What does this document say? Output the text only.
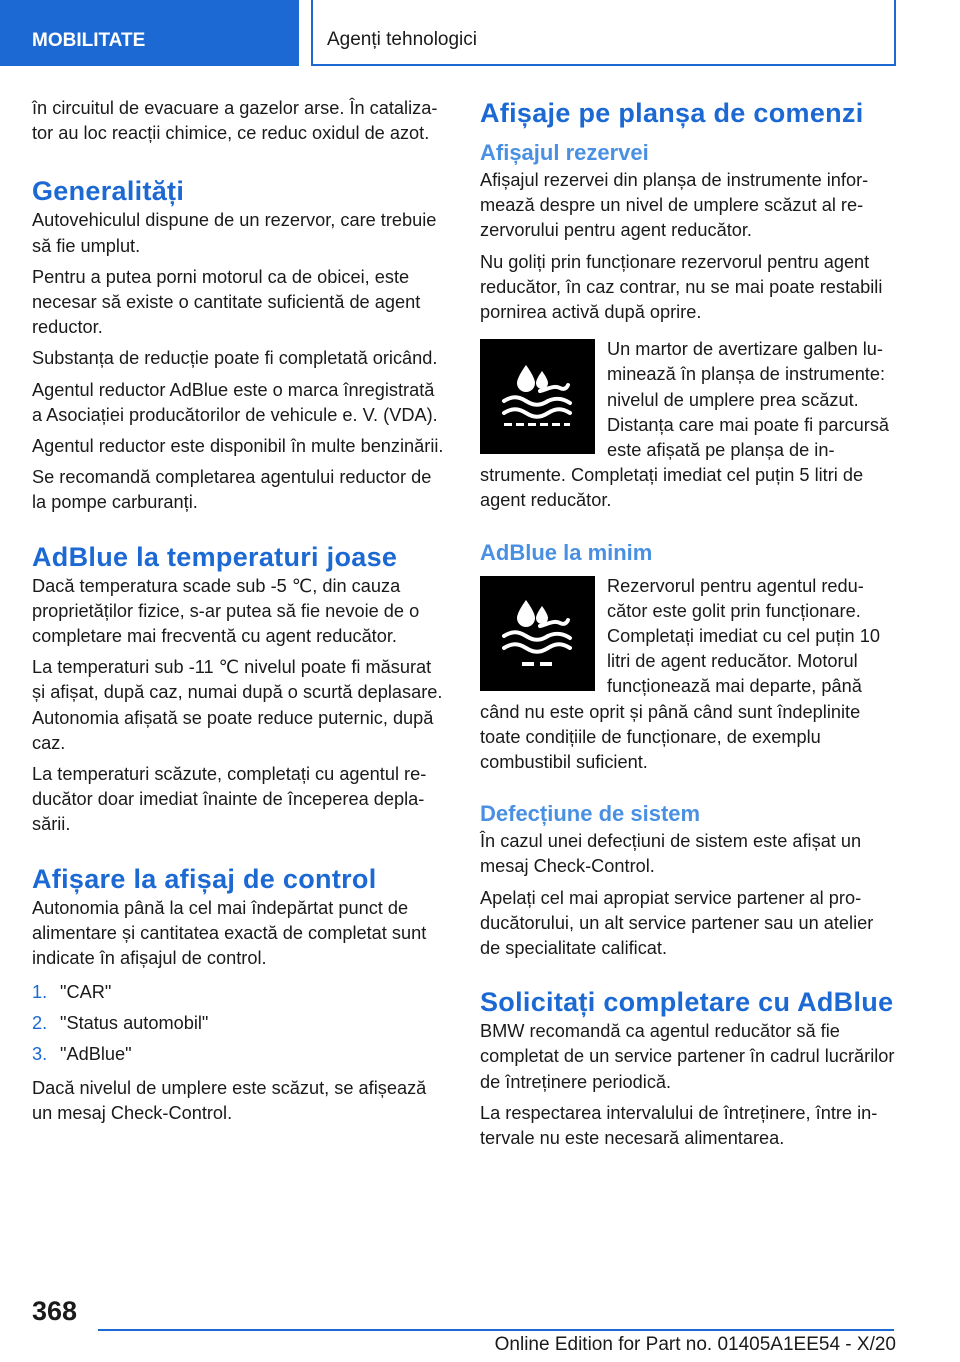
MOBILITATE	Agenți tehnologici

în circuitul de evacuare a gazelor arse. În catalizator au loc reacții chimice, ce reduc oxidul de azot.

Generalități

Autovehiculul dispune de un rezervor, care trebuie să fie umplut.

Pentru a putea porni motorul ca de obicei, este necesar să existe o cantitate suficientă de agent reductor.

Substanța de reducție poate fi completată oricând.

Agentul reductor AdBlue este o marca înregistrată a Asociației producătorilor de vehicule e. V. (VDA).

Agentul reductor este disponibil în multe benzinării.

Se recomandă completarea agentului reductor de la pompe carburanți.

AdBlue la temperaturi joase

Dacă temperatura scade sub -5 ℃, din cauza proprietăților fizice, s-ar putea să fie nevoie de o completare mai frecventă cu agent reducător.

La temperaturi sub -11 ℃ nivelul poate fi măsurat și afișat, după caz, numai după o scurtă deplasare. Autonomia afișată se poate reduce puternic, după caz.

La temperaturi scăzute, completați cu agentul reducător doar imediat înainte de începerea deplasării.

Afișare la afișaj de control

Autonomia până la cel mai îndepărtat punct de alimentare și cantitatea exactă de completat sunt indicate în afișajul de control.

1. "CAR"
2. "Status automobil"
3. "AdBlue"

Dacă nivelul de umplere este scăzut, se afișează un mesaj Check-Control.

Afișaje pe planșa de comenzi
Afișajul rezervei

Afișajul rezervei din planșa de instrumente informează despre un nivel de umplere scăzut al rezervorului pentru agent reducător.

Nu goliți prin funcționare rezervorul pentru agent reducător, în caz contrar, nu se mai poate restabili pornirea activă după oprire.

Un martor de avertizare galben luminează în planșa de instrumente: nivelul de umplere prea scăzut. Distanța care mai poate fi parcursă este afișată pe planșa de instrumente. Completați imediat cel puțin 5 litri de agent reducător.

AdBlue la minim

Rezervorul pentru agentul reducător este golit prin funcționare. Completați imediat cu cel puțin 10 litri de agent reducător. Motorul funcționează mai departe, până când nu este oprit și până când sunt îndeplinite toate condițiile de funcționare, de exemplu combustibil suficient.

Defecțiune de sistem

În cazul unei defecțiuni de sistem este afișat un mesaj Check-Control.

Apelați cel mai apropiat service partener al producătorului, un alt service partener sau un atelier de specialitate calificat.

Solicitați completare cu AdBlue

BMW recomandă ca agentul reducător să fie completat de un service partener în cadrul lucrărilor de întreținere periodică.

La respectarea intervalului de întreținere, între intervale nu este necesară alimentarea.

368
Online Edition for Part no. 01405A1EE54 - X/20
